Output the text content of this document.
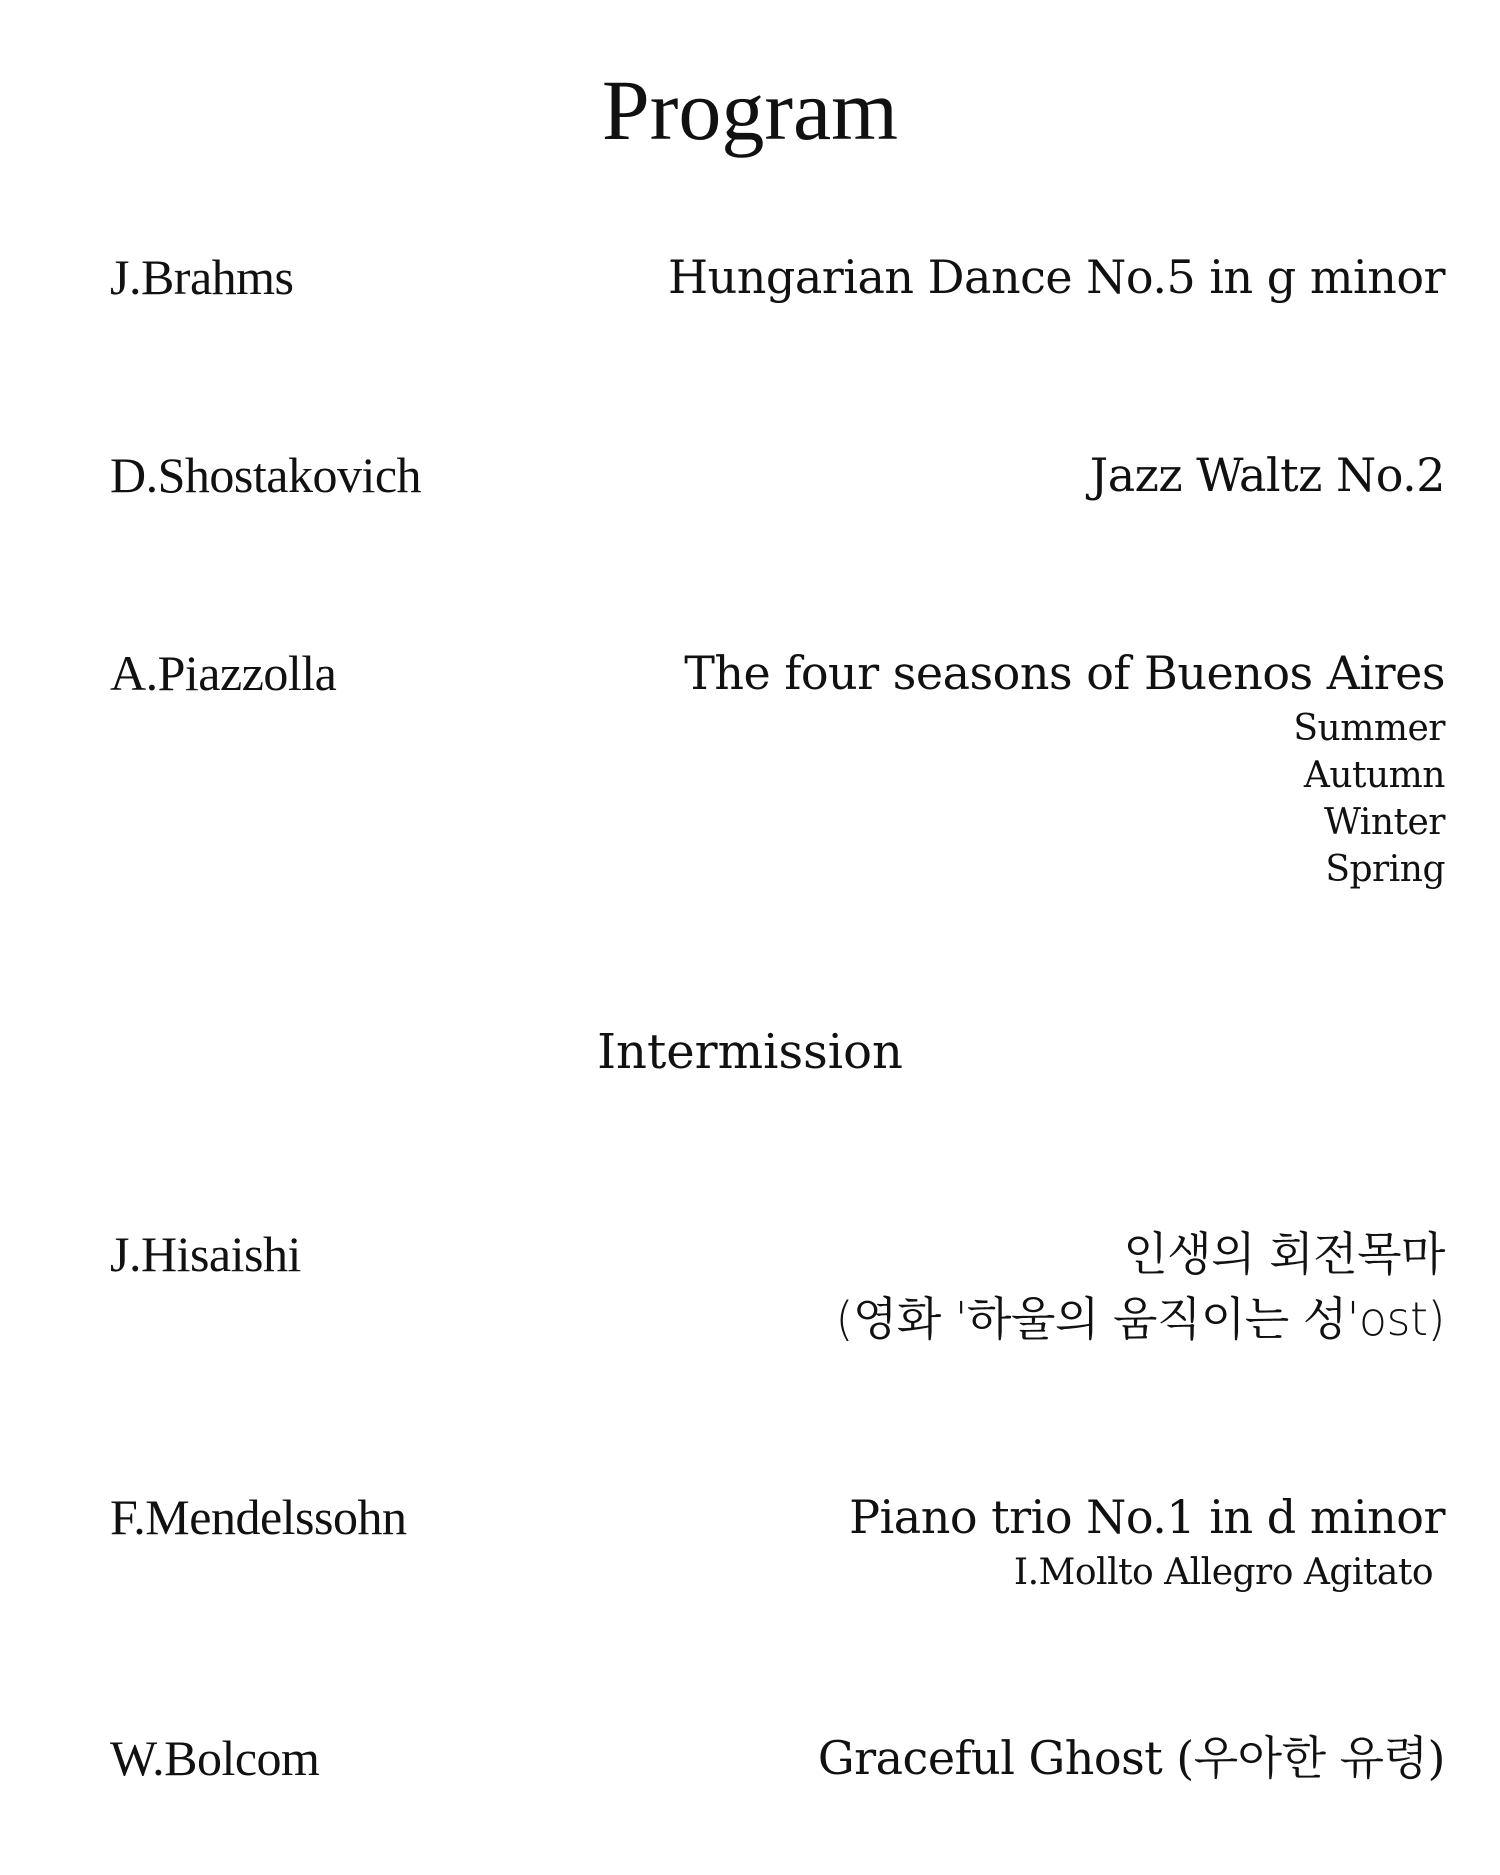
Program
J.Brahms	Hungarian Dance No.5 in g minor
D.Shostakovich	Jazz Waltz No.2
A.Piazzolla	The four seasons of Buenos Aires
Summer
Autumn
Winter
Spring
Intermission
J.Hisaishi	인생의 회전목마
(영화 '하울의 움직이는 성'ost)
F.Mendelssohn	Piano trio No.1 in d minor
I.Mollto Allegro Agitato
W.Bolcom	Graceful Ghost (우아한 유령)
